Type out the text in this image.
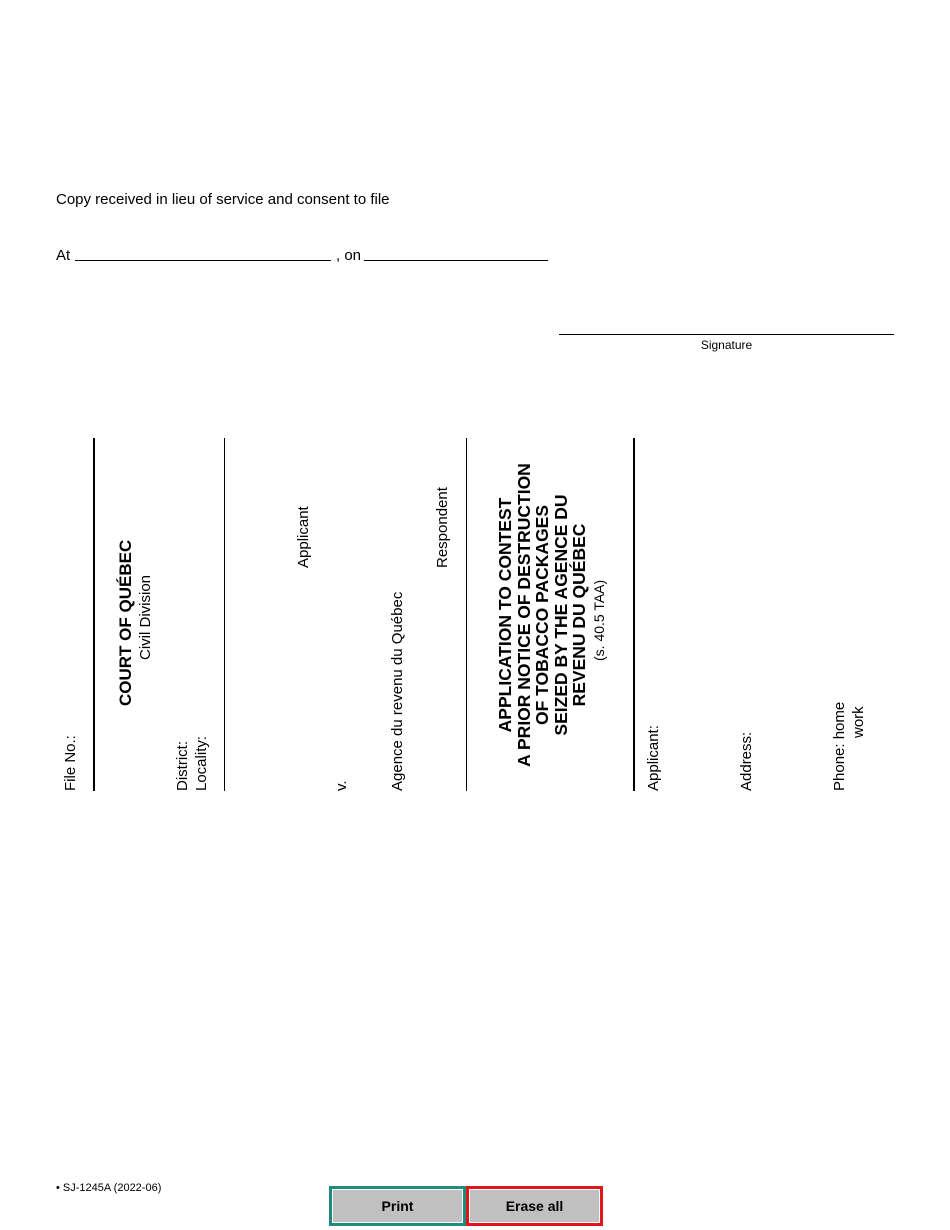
Copy received in lieu of service and consent to file
At	, on
Signature
File No.:
COURT OF QUÉBEC Civil Division
District: Locality:
Applicant
v.	Agence du revenu du Québec
Respondent	APPLICATION TO CONTEST
A PRIOR NOTICE OF DESTRUCTION
OF TOBACCO PACKAGES
SEIZED BY THE AGENCE DU
REVENU DU QUÉBEC (s. 40.5 TAA)
Applicant:	Address:	Phone: home work
• SJ-1245A (2022-06)
Print	Erase all
